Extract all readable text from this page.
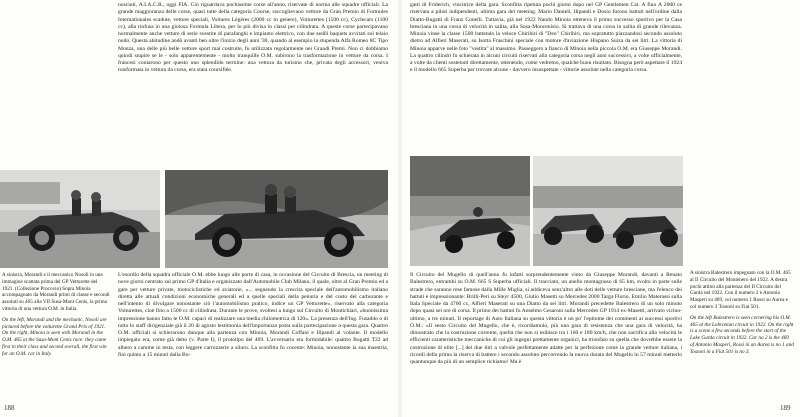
nosciuti, A.I.A.C.R., oggi FIA. Ciò riguardava pochissime corse all'anno, riservate di norma alle squadre ufficiali. La grande maggioranza delle corse, quasi tutte della categoria Course, raccoglievano vetture da Gran Premio di Formules Internationales scadute, vetture speciali, Voitures Légères (2000 cc in genere), Voiturettes (1500 cc), Cyclecars (1100 cc), alla rinfusa in una gioiosa Formula Libera, per lo più divisa in classi per cilindrata. A queste corse partecipavano normalmente anche vetture di serie svestite di parafanghi e impianto elettrico, con due sedili baquets avvitati sul telaio nudo. Questa abitudine andò avanti ben oltre l'inizio degli anni '30, quando al esempio la stupenda Alfa Romeo 8C Tipo Monza, una delle più belle vetture sport mai costruite, fu utilizzata regolarmente nei Grandi Premi. Non ci dobbiamo quindi stupire se le - solo apparentemente - molto tranquille O.M. subirono la trasformazione in vetture da corsa. I francesi coniarono per questo uno splendido termine: una vettura da turismo che, privata degli accessori, veniva trasformata in vettura da corsa, era stata coursifiée.

A sinistra, Morandi e il meccanico Nosoli in una immagine scattata prima del GP Vetturette del 1921. (Collezione Procovio) Sopra Minoia accompagnato da Morandi primi di classe e secondi assoluti su 465 alla VII Susa-Mont Cenis, la prima vittoria di una vettura O.M. in Italia.

On the left, Morandi and the mechanic, Nosoli are pictured before the voiturette Grand Prix of 1921. On the right, Minoia is seen with Morandi in the O.M. 465 at the Susa-Mont Cenis race: they came first in their class and second overall, the first win for an O.M. car in Italy.

L'esordio della squadra ufficiale O.M. ebbe luogo alle porte di casa, in occasione del Circuito di Brescia, un meeting di nove giorni centrato sul primo GP d'Italia e organizzato dall'Automobile Club Milano, il quale, oltre al Gran Premio ed a gare per vetture private, motociclistiche ed aviatorie, «... seguendo la crescita speciale dell'automobilismo italiano diretta alle attuali condizioni economiche generali ed a quelle speciali della penuria e del costo del carburante e nell'intento di divulgare nonostante ciò l'automobilismo pratico, indice un GP Vetturette», riservato alla categoria Voiturettes, cioè fino a 1500 cc di cilindrata. Durante le prove, svoltesi a lungo sul Circuito di Montichiari, «buonissima impressione hanno fatto le O.M. capaci di realizzare una media chilometrica di 120». La presenza dell'Ing. Fusaddo o di tutto lo staff dirigenziale già il 20 di agosto testimonia dell'importanza posta sulla partecipazione a questa gara. Quattro O.M. ufficiali si schierarono dunque alla partenza con Minoia, Morandi Coffani e Ilipandi al volante. Il modello impiegato era, come già detto (v. Parte I), il prototipo del 469. L'avversario era formidabile: quattro Bugatti T22 ad albero a camme in testa, con leggere carrozzerie a siluro. La sconfitta fu cocente: Minoia, nonostante la sua maestria, finì quinto a 15 minuti dalla Bu-
188
gatti di Friderich, vincitrice della gara. Sconfitta ripetuta pochi giorni dopo nel GP Gentlemen Cat. A fino A 2000 ce riservata a piloti indipendenti, ultima gara del meeting. Mario Danieli, Ilipandi e Dosio furono battuti nell'ordine dalla Diatto-Bugatti di Franz Conelli. Tuttavia, già nel 1922 Nando Minoia otteneva il primo successo sportivo per la Casa bresciana in una corsa di velocità in salita, alla Susa-Moncenisio. Si trattava di una corsa in salita di grande rilevanza. Minoia vinse la classe 1500 battendo la veloce Chiribiri di "Deo" Chiribiri, ma sopratutto piazzandosi secondo assoluto dietro ad Alfieri Maserati, su Isotta Fraschini speciale con motore d'aviazione Hispano Suiza da sei litri. La vittoria di Minoia apparve nelle foto "vestita" al massimo. Passeggero a fianco di Minoia nella piccola O.M. era Giuseppe Morandi. La quattro cilindri fu schierata in alcuni circuiti riservati alla categoria corsa negli anni successivi, a volte ufficialmente, a volte da clienti sostenuti direttamente, ottenendo, come vedremo, qualche buon risultato. Bisogna però aspettare il 1924 e il modello 665 Superba per trovare alcune - davvero insospettate - vittorie assolute nella categoria corsa.

A sinistra Balestrero impegnato con la O.M. 465 al II Circuito del Montenero del 1922. A destra pochi attimi alla partenza del II Circuito del Garda nel 1922. Con il numero 2 e Antonio Masperi su 469, col numero 1 Rossi su Aurea e col numero 3 Tostoni su Fiat 501.

On the left Balestrero is seen cornering his O.M. 465 at the Lobronian circuit in 1922. On the right is a scene a few seconds before the start of the Lake Garda circuit in 1922. Car no 2 is the 469 of Antonio Masperi, Rossi in an Aurea is no 1 and Tostoni in a Fiat 501 is no 3.

Il Circuito del Mugello di quell'anno fu infatti sorprendentemente vinto da Giuseppe Morandi, davanti a Renato Balestrero, entrambi su O.M. 665 S Superba ufficiali. Il tracciato, un anello montagnoso di 65 km, svolto in parte sulle strade che saranno rese famose dalla Mille Miglia, si addiceva senz'altro alle doti delle vetture bresciane, ma l'elenco dei battuti è impressionante: Brilli-Peri su Steyr 4500, Giulio Masetti su Mercedes 2000 Targa Florio, Emilio Materassi sulla Itala Speciale da 4700 cc, Alfieri Maserati su una Diatto da sei litri. Morandi precedette Balestrero di un solo minuto dopo quasi sei ore di corsa. Il primo dei battuti fu Anselmo Cesaroni sulla Mercedes GP 1914 ex-Masetti, arrivato vicino-ultimo, a tre minuti. Il reportage di Auto Italiana su questa vittoria è un po' l'epitome dei commenti ai successi sportivi O.M.: «Il sesto Circuito del Mugello, che è, ricordiamolo, più una gara di resistenza che una gara di velocità, ha dimostrato che la costruzione corrente, quella che non si esibisce tra i 160 e 180 km/h, che non sacrifica alla velocità le efficienti caratteristiche meccaniche di cui gli ingegni prettamente organici, ha trionfato su quella che dovrebbe essere la costruzione di elite [...] dei due litri a valvole perfettamente adatte per la perfezione come la grande vetture italiana, i ricordi della prima la riserva di battere i secondo assoluto percorrendo la nuova durata del Mugello in 57 minuti metterlo quantunque da più di un semplice richiamo! Ma è
189
